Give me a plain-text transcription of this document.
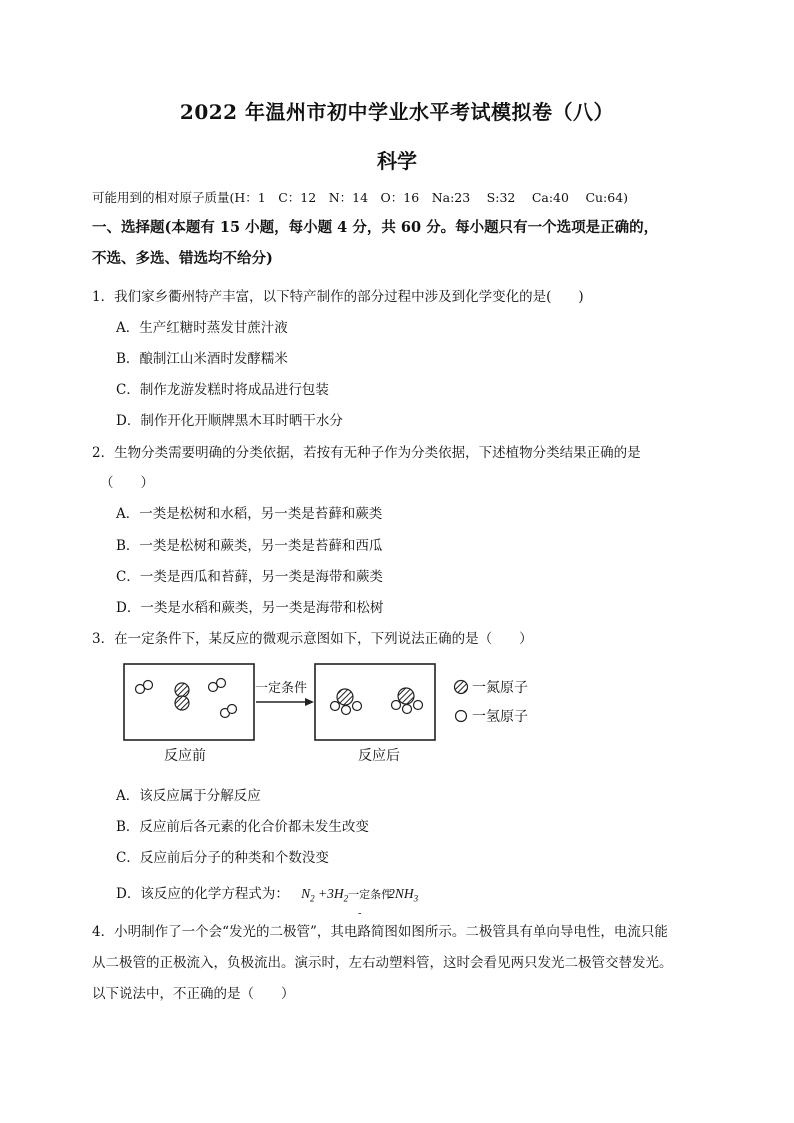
2022 年温州市初中学业水平考试模拟卷（八）
科学
可能用到的相对原子质量(H：1　C：12　N：14　O：16　Na:23　 S:32　 Ca:40　 Cu:64)
一、选择题(本题有 15 小题，每小题 4 分，共 60 分。每小题只有一个选项是正确的，
不选、多选、错选均不给分)
1．我们家乡衢州特产丰富，以下特产制作的部分过程中涉及到化学变化的是(　　)
A．生产红糖时蒸发甘蔗汁液
B．酿制江山米酒时发酵糯米
C．制作龙游发糕时将成品进行包装
D．制作开化开顺牌黑木耳时晒干水分
2．生物分类需要明确的分类依据，若按有无种子作为分类依据，下述植物分类结果正确的是
（　　）
A．一类是松树和水稻，另一类是苔藓和蕨类
B．一类是松树和蕨类，另一类是苔藓和西瓜
C．一类是西瓜和苔藓，另一类是海带和蕨类
D．一类是水稻和蕨类，另一类是海带和松树
3．在一定条件下，某反应的微观示意图如下，下列说法正确的是（　　）
一定条件
反应前	反应后
一氮原子
一氢原子
A．该反应属于分解反应
B．反应前后各元素的化合价都未发生改变
C．反应前后分子的种类和个数没变
D．该反应的化学方程式为： $N_2 +3H_2$ 一定条件
-
$2NH_3$
4．小明制作了一个会“发光的二极管”，其电路简图如图所示。二极管具有单向导电性，电流只能
从二极管的正极流入，负极流出。演示时，左右动塑料管，这时会看见两只发光二极管交替发光。
以下说法中，不正确的是（　　）
